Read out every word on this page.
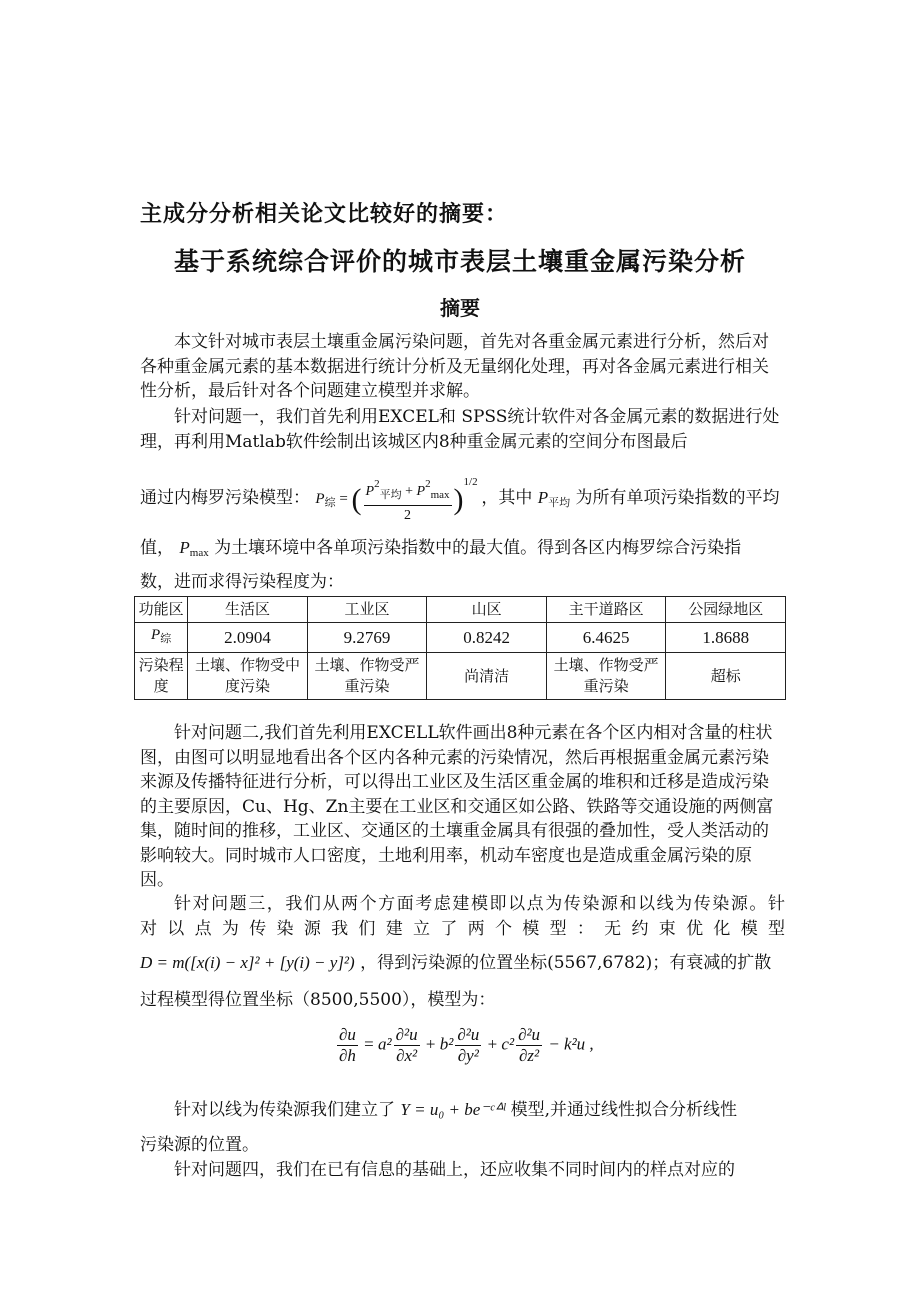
主成分分析相关论文比较好的摘要：
基于系统综合评价的城市表层土壤重金属污染分析
摘要
本文针对城市表层土壤重金属污染问题，首先对各重金属元素进行分析，然后对各种重金属元素的基本数据进行统计分析及无量纲化处理，再对各金属元素进行相关性分析，最后针对各个问题建立模型并求解。
针对问题一，我们首先利用EXCEL和 SPSS统计软件对各金属元素的数据进行处理，再利用Matlab软件绘制出该城区内8种重金属元素的空间分布图最后
通过内梅罗污染模型： $P_综$ = ( $\frac{P^2_{平均} + P^2_{max}}{2} )^{1/2}$ ，其中 $P_{平均}$ 为所有单项污染指数的平均
值， $P_{max}$ 为土壤环境中各单项污染指数中的最大值。得到各区内梅罗综合污染指
数，进而求得污染程度为：
功能区	生活区	工业区	山区	主干道路区	公园绿地区
$P_综$	2.0904	9.2769	0.8242	6.4625	1.8688
污染程度	土壤、作物受中度污染	土壤、作物受严重污染	尚清洁	土壤、作物受严重污染	超标
针对问题二,我们首先利用EXCELL软件画出8种元素在各个区内相对含量的柱状图，由图可以明显地看出各个区内各种元素的污染情况，然后再根据重金属元素污染来源及传播特征进行分析，可以得出工业区及生活区重金属的堆积和迁移是造成污染的主要原因，Cu、Hg、Zn主要在工业区和交通区如公路、铁路等交通设施的两侧富集，随时间的推移，工业区、交通区的土壤重金属具有很强的叠加性，受人类活动的影响较大。同时城市人口密度，土地利用率，机动车密度也是造成重金属污染的原因。
针对问题三，我们从两个方面考虑建模即以点为传染源和以线为传染源。针
对以点为传染源我们建立了两个模型：无约束优化模型
D = m([x(i) − x]² + [y(i) − y]²) ，得到污染源的位置坐标(5567,6782)；有衰减的扩散
过程模型得位置坐标（8500,5500），模型为：
$\frac{\partial u}{\partial h} = a^2 \frac{\text{∂²u}}{\text{∂x²}} + b^2 \frac{\text{∂²u}}{\text{∂y²}} + c^2 \frac{\text{∂²u}}{\text{∂z²}} - k^2u$ ,
针对以线为传染源我们建立了 Y = u₀ + be⁻ᶜᐞˡ 模型,并通过线性拟合分析线性
污染源的位置。
针对问题四，我们在已有信息的基础上，还应收集不同时间内的样点对应的
